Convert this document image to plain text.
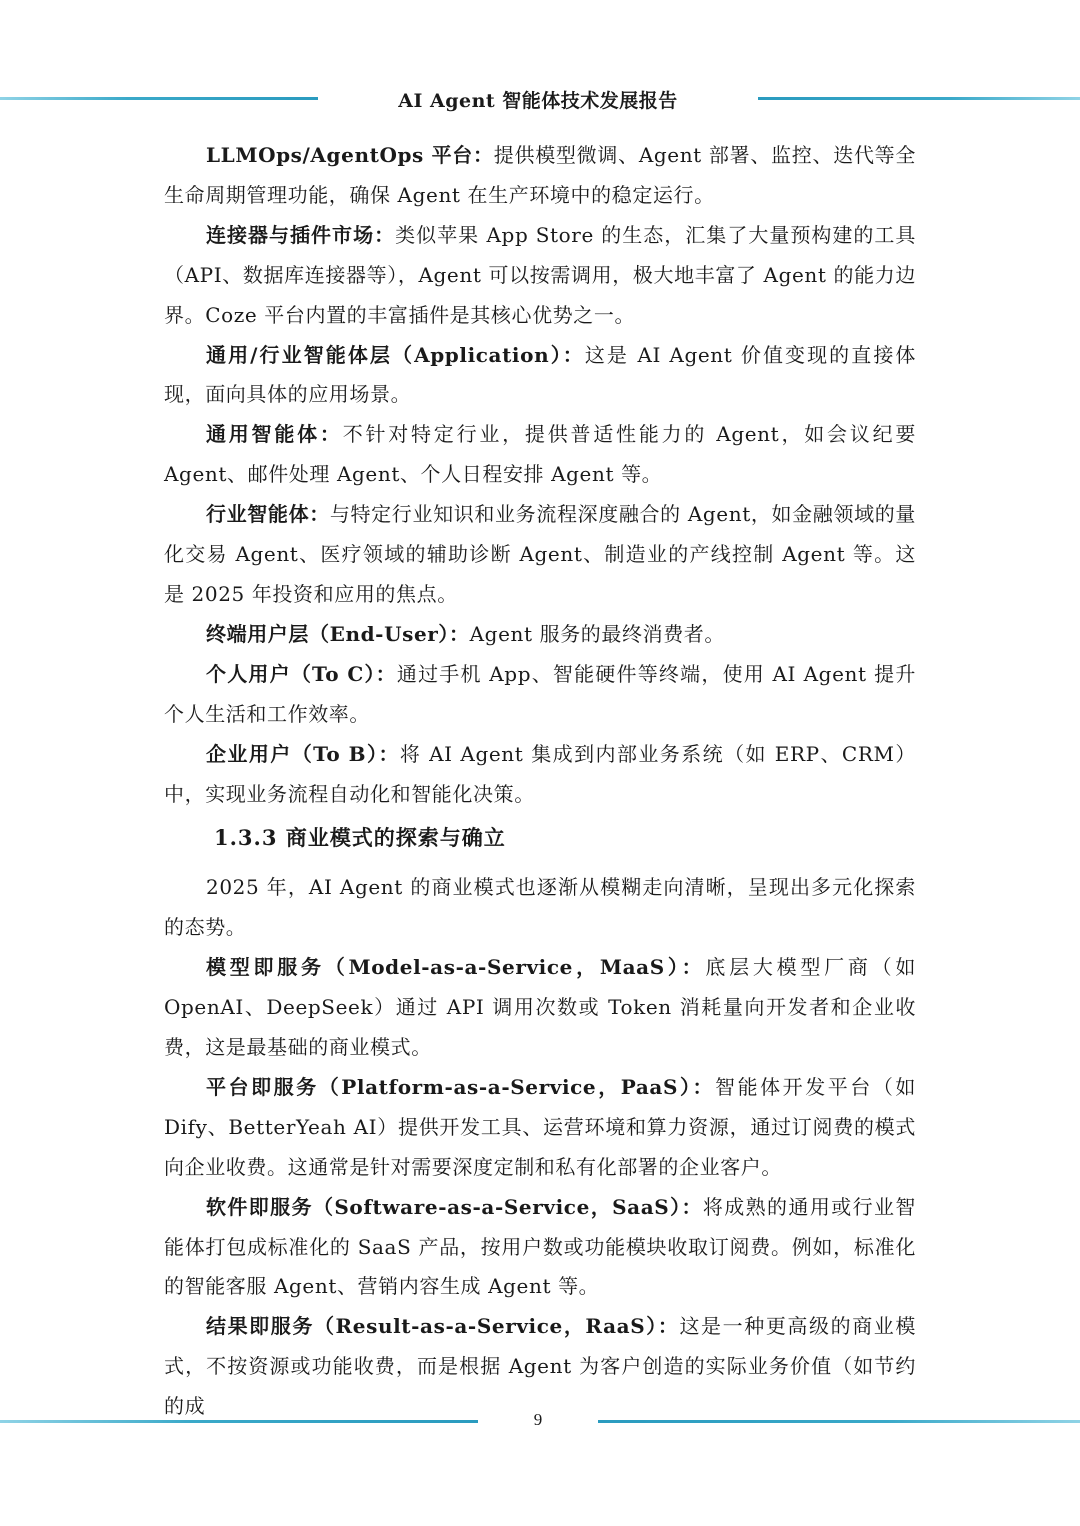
AI Agent 智能体技术发展报告

LLMOps/AgentOps 平台：提供模型微调、Agent 部署、监控、迭代等全生命周期管理功能，确保 Agent 在生产环境中的稳定运行。

连接器与插件市场：类似苹果 App Store 的生态，汇集了大量预构建的工具（API、数据库连接器等），Agent 可以按需调用，极大地丰富了 Agent 的能力边界。Coze 平台内置的丰富插件是其核心优势之一。

通用/行业智能体层（Application）：这是 AI Agent 价值变现的直接体现，面向具体的应用场景。

通用智能体：不针对特定行业，提供普适性能力的 Agent，如会议纪要 Agent、邮件处理 Agent、个人日程安排 Agent 等。

行业智能体：与特定行业知识和业务流程深度融合的 Agent，如金融领域的量化交易 Agent、医疗领域的辅助诊断 Agent、制造业的产线控制 Agent 等。这是 2025 年投资和应用的焦点。

终端用户层（End-User）：Agent 服务的最终消费者。

个人用户（To C）：通过手机 App、智能硬件等终端，使用 AI Agent 提升个人生活和工作效率。

企业用户（To B）：将 AI Agent 集成到内部业务系统（如 ERP、CRM）中，实现业务流程自动化和智能化决策。

1.3.3 商业模式的探索与确立

2025 年，AI Agent 的商业模式也逐渐从模糊走向清晰，呈现出多元化探索的态势。

模型即服务（Model-as-a-Service，MaaS）：底层大模型厂商（如 OpenAI、DeepSeek）通过 API 调用次数或 Token 消耗量向开发者和企业收费，这是最基础的商业模式。

平台即服务（Platform-as-a-Service，PaaS）：智能体开发平台（如 Dify、BetterYeah AI）提供开发工具、运营环境和算力资源，通过订阅费的模式向企业收费。这通常是针对需要深度定制和私有化部署的企业客户。

软件即服务（Software-as-a-Service，SaaS）：将成熟的通用或行业智能体打包成标准化的 SaaS 产品，按用户数或功能模块收取订阅费。例如，标准化的智能客服 Agent、营销内容生成 Agent 等。

结果即服务（Result-as-a-Service，RaaS）：这是一种更高级的商业模式，不按资源或功能收费，而是根据 Agent 为客户创造的实际业务价值（如节约的成

9
